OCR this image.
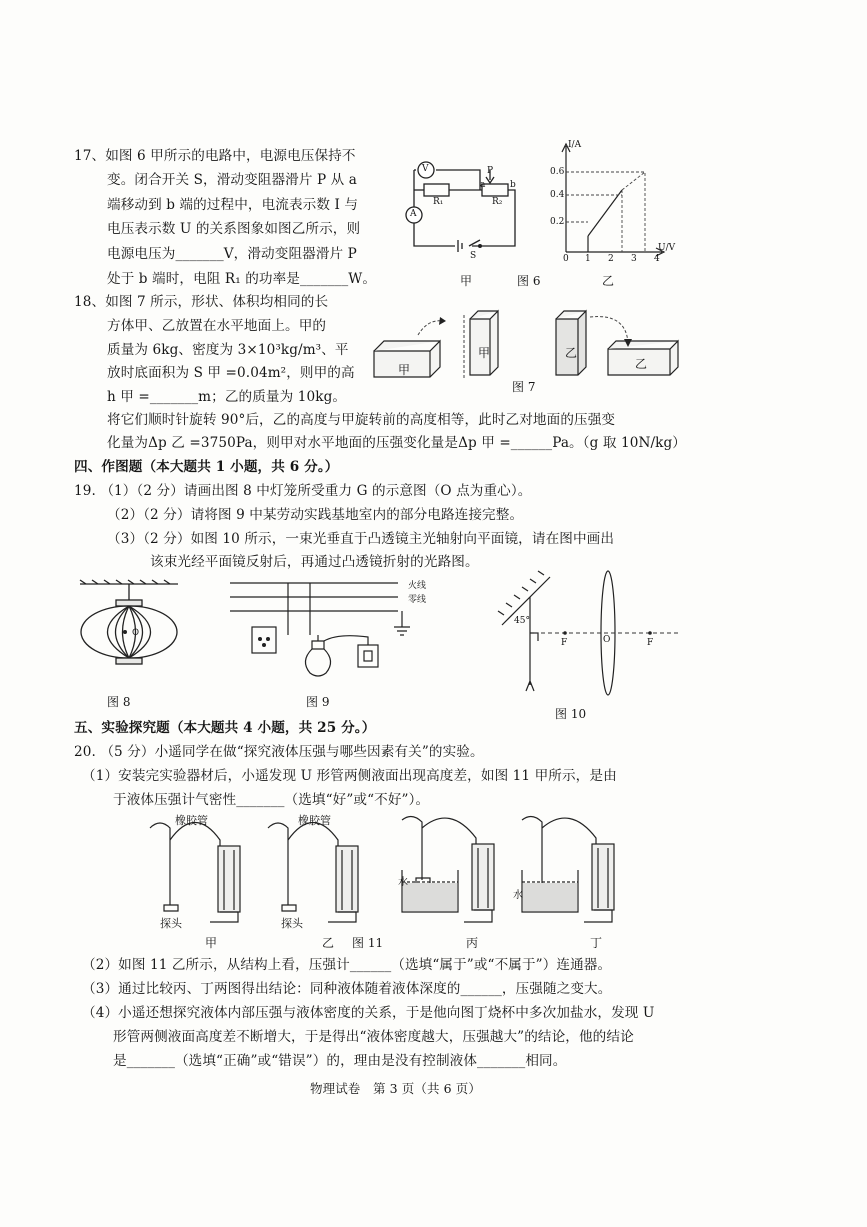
17、如图 6 甲所示的电路中，电源电压保持不
变。闭合开关 S，滑动变阻器滑片 P 从 a
端移动到 b 端的过程中，电流表示数 I 与
电压表示数 U 的关系图象如图乙所示，则
电源电压为_______V，滑动变阻器滑片 P
处于 b 端时，电阻 R₁ 的功率是_______W。
V
A
R₁	R₂
P
a	b
S
甲	图 6	乙
I/A
U/V
0.6
0.4
0.2
0 1 2 3 4
18、如图 7 所示，形状、体积均相同的长
方体甲、乙放置在水平地面上。甲的
质量为 6kg、密度为 3×10³kg/m³、平
放时底面积为 S 甲 =0.04m²，则甲的高
h 甲 =_______m；乙的质量为 10kg。
将它们顺时针旋转 90°后，乙的高度与甲旋转前的高度相等，此时乙对地面的压强变
化量为Δp 乙 =3750Pa，则甲对水平地面的压强变化量是Δp 甲 =______Pa。（g 取 10N/kg）
甲
甲	乙
乙
图 7
四、作图题（本大题共 1 小题，共 6 分。）
19. （1）（2 分）请画出图 8 中灯笼所受重力 G 的示意图（O 点为重心）。
（2）（2 分）请将图 9 中某劳动实践基地室内的部分电路连接完整。
（3）（2 分）如图 10 所示，一束光垂直于凸透镜主光轴射向平面镜，请在图中画出
该束光经平面镜反射后，再通过凸透镜折射的光路图。
O
图 8
火线
零线
图 9
45°
O
F	F
图 10
五、实验探究题（本大题共 4 小题，共 25 分。）
20. （5 分）小遥同学在做“探究液体压强与哪些因素有关”的实验。
（1）安装完实验器材后，小遥发现 U 形管两侧液面出现高度差，如图 11 甲所示，是由
于液体压强计气密性_______（选填“好”或“不好”）。
橡胶管	橡胶管
探头	探头
水
水
甲	乙 图 11	丙	丁
（2）如图 11 乙所示，从结构上看，压强计______（选填“属于”或“不属于”）连通器。
（3）通过比较丙、丁两图得出结论：同种液体随着液体深度的______，压强随之变大。
（4）小遥还想探究液体内部压强与液体密度的关系，于是他向图丁烧杯中多次加盐水，发现 U
形管两侧液面高度差不断增大，于是得出“液体密度越大，压强越大”的结论，他的结论
是_______（选填“正确”或“错误”）的，理由是没有控制液体_______相同。
物理试卷　第 3 页（共 6 页）
